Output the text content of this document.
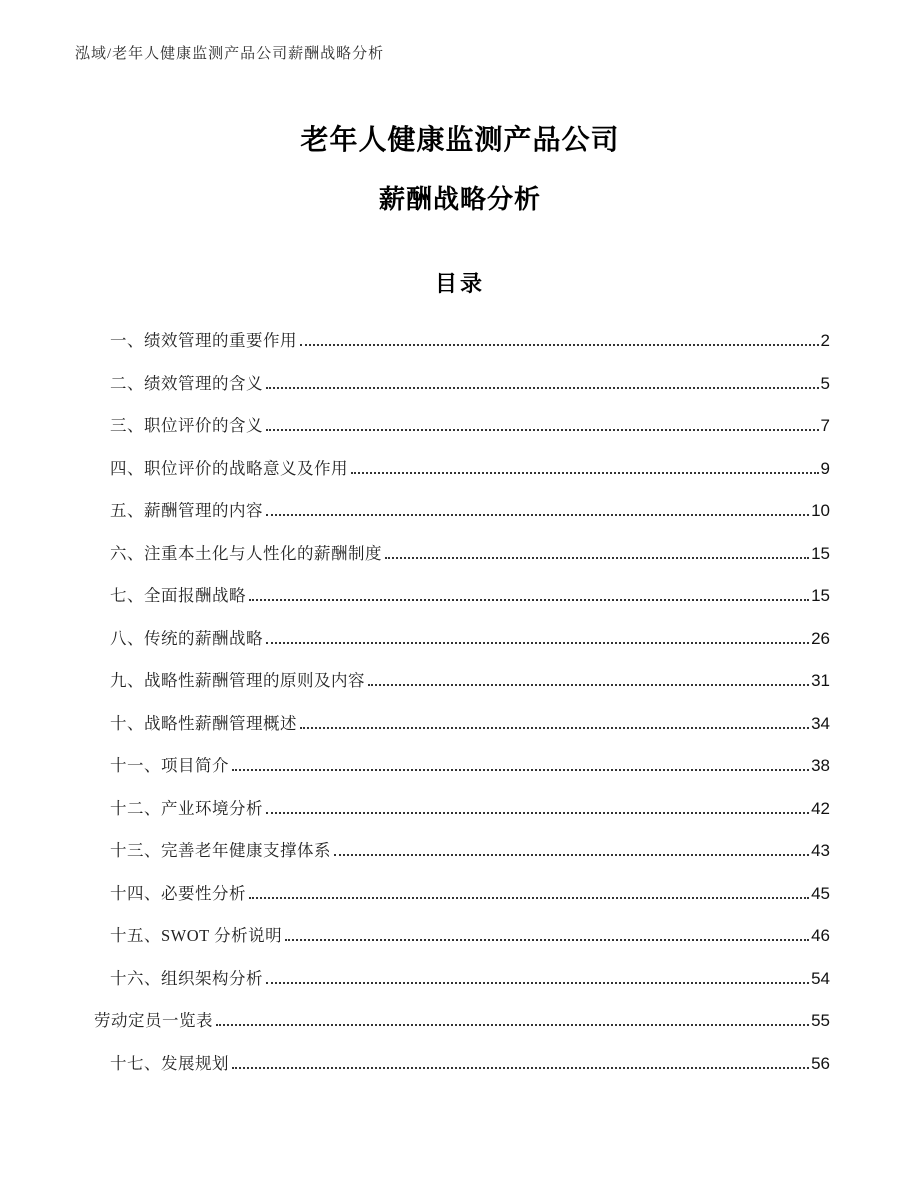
泓域/老年人健康监测产品公司薪酬战略分析
老年人健康监测产品公司
薪酬战略分析
目录
一、绩效管理的重要作用	2
二、绩效管理的含义	5
三、职位评价的含义	7
四、职位评价的战略意义及作用	9
五、薪酬管理的内容	10
六、注重本土化与人性化的薪酬制度	15
七、全面报酬战略	15
八、传统的薪酬战略	26
九、战略性薪酬管理的原则及内容	31
十、战略性薪酬管理概述	34
十一、项目简介	38
十二、产业环境分析	42
十三、完善老年健康支撑体系	43
十四、必要性分析	45
十五、SWOT 分析说明	46
十六、组织架构分析	54
劳动定员一览表	55
十七、发展规划	56
